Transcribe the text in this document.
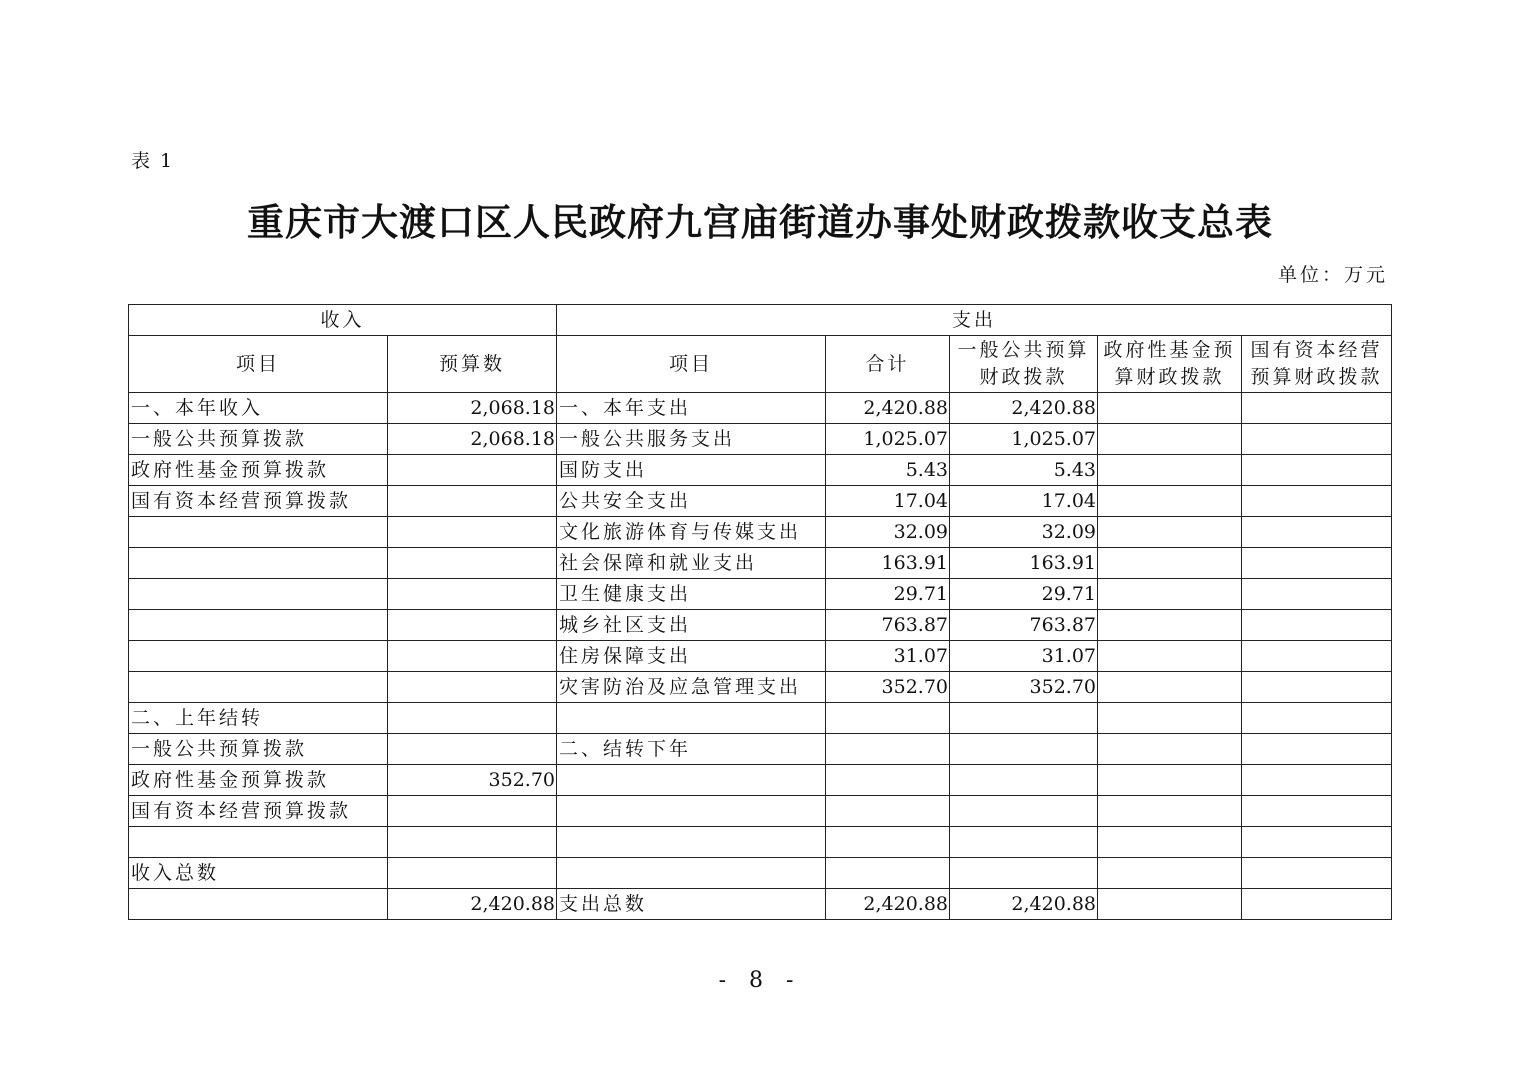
表 1
重庆市大渡口区人民政府九宫庙街道办事处财政拨款收支总表
单位：万元
收入		支出				
项目	预算数	项目	合计	一般公共预算财政拨款	政府性基金预算财政拨款	国有资本经营预算财政拨款
一、本年收入	2,068.18	一、本年支出	2,420.88	2,420.88		
一般公共预算拨款	2,068.18	一般公共服务支出	1,025.07	1,025.07		
政府性基金预算拨款		国防支出	5.43	5.43		
国有资本经营预算拨款		公共安全支出	17.04	17.04		
		文化旅游体育与传媒支出	32.09	32.09		
		社会保障和就业支出	163.91	163.91		
		卫生健康支出	29.71	29.71		
		城乡社区支出	763.87	763.87		
		住房保障支出	31.07	31.07		
		灾害防治及应急管理支出	352.70	352.70		
二、上年结转						
一般公共预算拨款		二、结转下年				
政府性基金预算拨款	352.70					
国有资本经营预算拨款						

收入总数						
	2,420.88	支出总数	2,420.88	2,420.88		
- 8 -
